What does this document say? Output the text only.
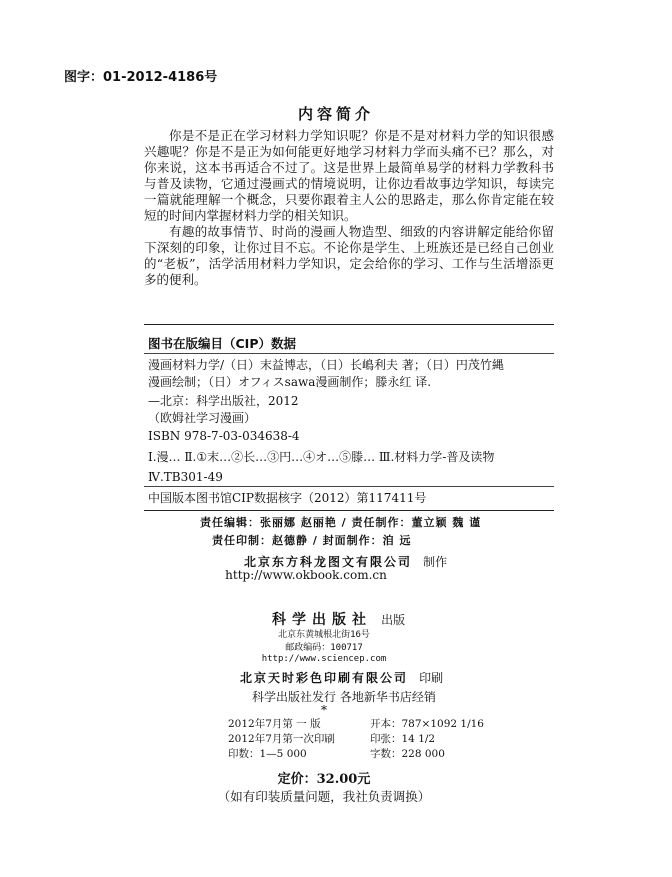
图字：01-2012-4186号
内容简介

你是不是正在学习材料力学知识呢？你是不是对材料力学的知识很感兴趣呢？你是不是正为如何能更好地学习材料力学而头痛不已？那么，对你来说，这本书再适合不过了。这是世界上最简单易学的材料力学教科书与普及读物，它通过漫画式的情境说明，让你边看故事边学知识，每读完一篇就能理解一个概念，只要你跟着主人公的思路走，那么你肯定能在较短的时间内掌握材料力学的相关知识。

有趣的故事情节、时尚的漫画人物造型、细致的内容讲解定能给你留下深刻的印象，让你过目不忘。不论你是学生、上班族还是已经自己创业的“老板”，活学活用材料力学知识，定会给你的学习、工作与生活增添更多的便利。

图书在版编目（CIP）数据
漫画材料力学/（日）末益博志，（日）长嶋利夫 著；（日）円茂竹縄
漫画绘制；（日）オフィスsawa漫画制作；滕永红 译.
—北京：科学出版社，2012
（欧姆社学习漫画）
ISBN 978-7-03-034638-4
Ⅰ.漫… Ⅱ.①末…②长…③円…④オ…⑤滕… Ⅲ.材料力学-普及读物
Ⅳ.TB301-49
中国版本图书馆CIP数据核字（2012）第117411号
责任编辑：张丽娜 赵丽艳 / 责任制作：董立颖 魏 谨
责任印制：赵德静 / 封面制作：洎 远
北京东方科龙图文有限公司 制作
http://www.okbook.com.cn
科学出版社 出版
北京东黄城根北街16号
邮政编码：100717
http://www.sciencep.com
北京天时彩色印刷有限公司 印刷
科学出版社发行 各地新华书店经销
*
2012年7月第 一 版	开本：787×1092 1/16
2012年7月第一次印刷	印张：14 1/2
印数：1—5 000	字数：228 000
定价：32.00元
（如有印装质量问题，我社负责调换）
